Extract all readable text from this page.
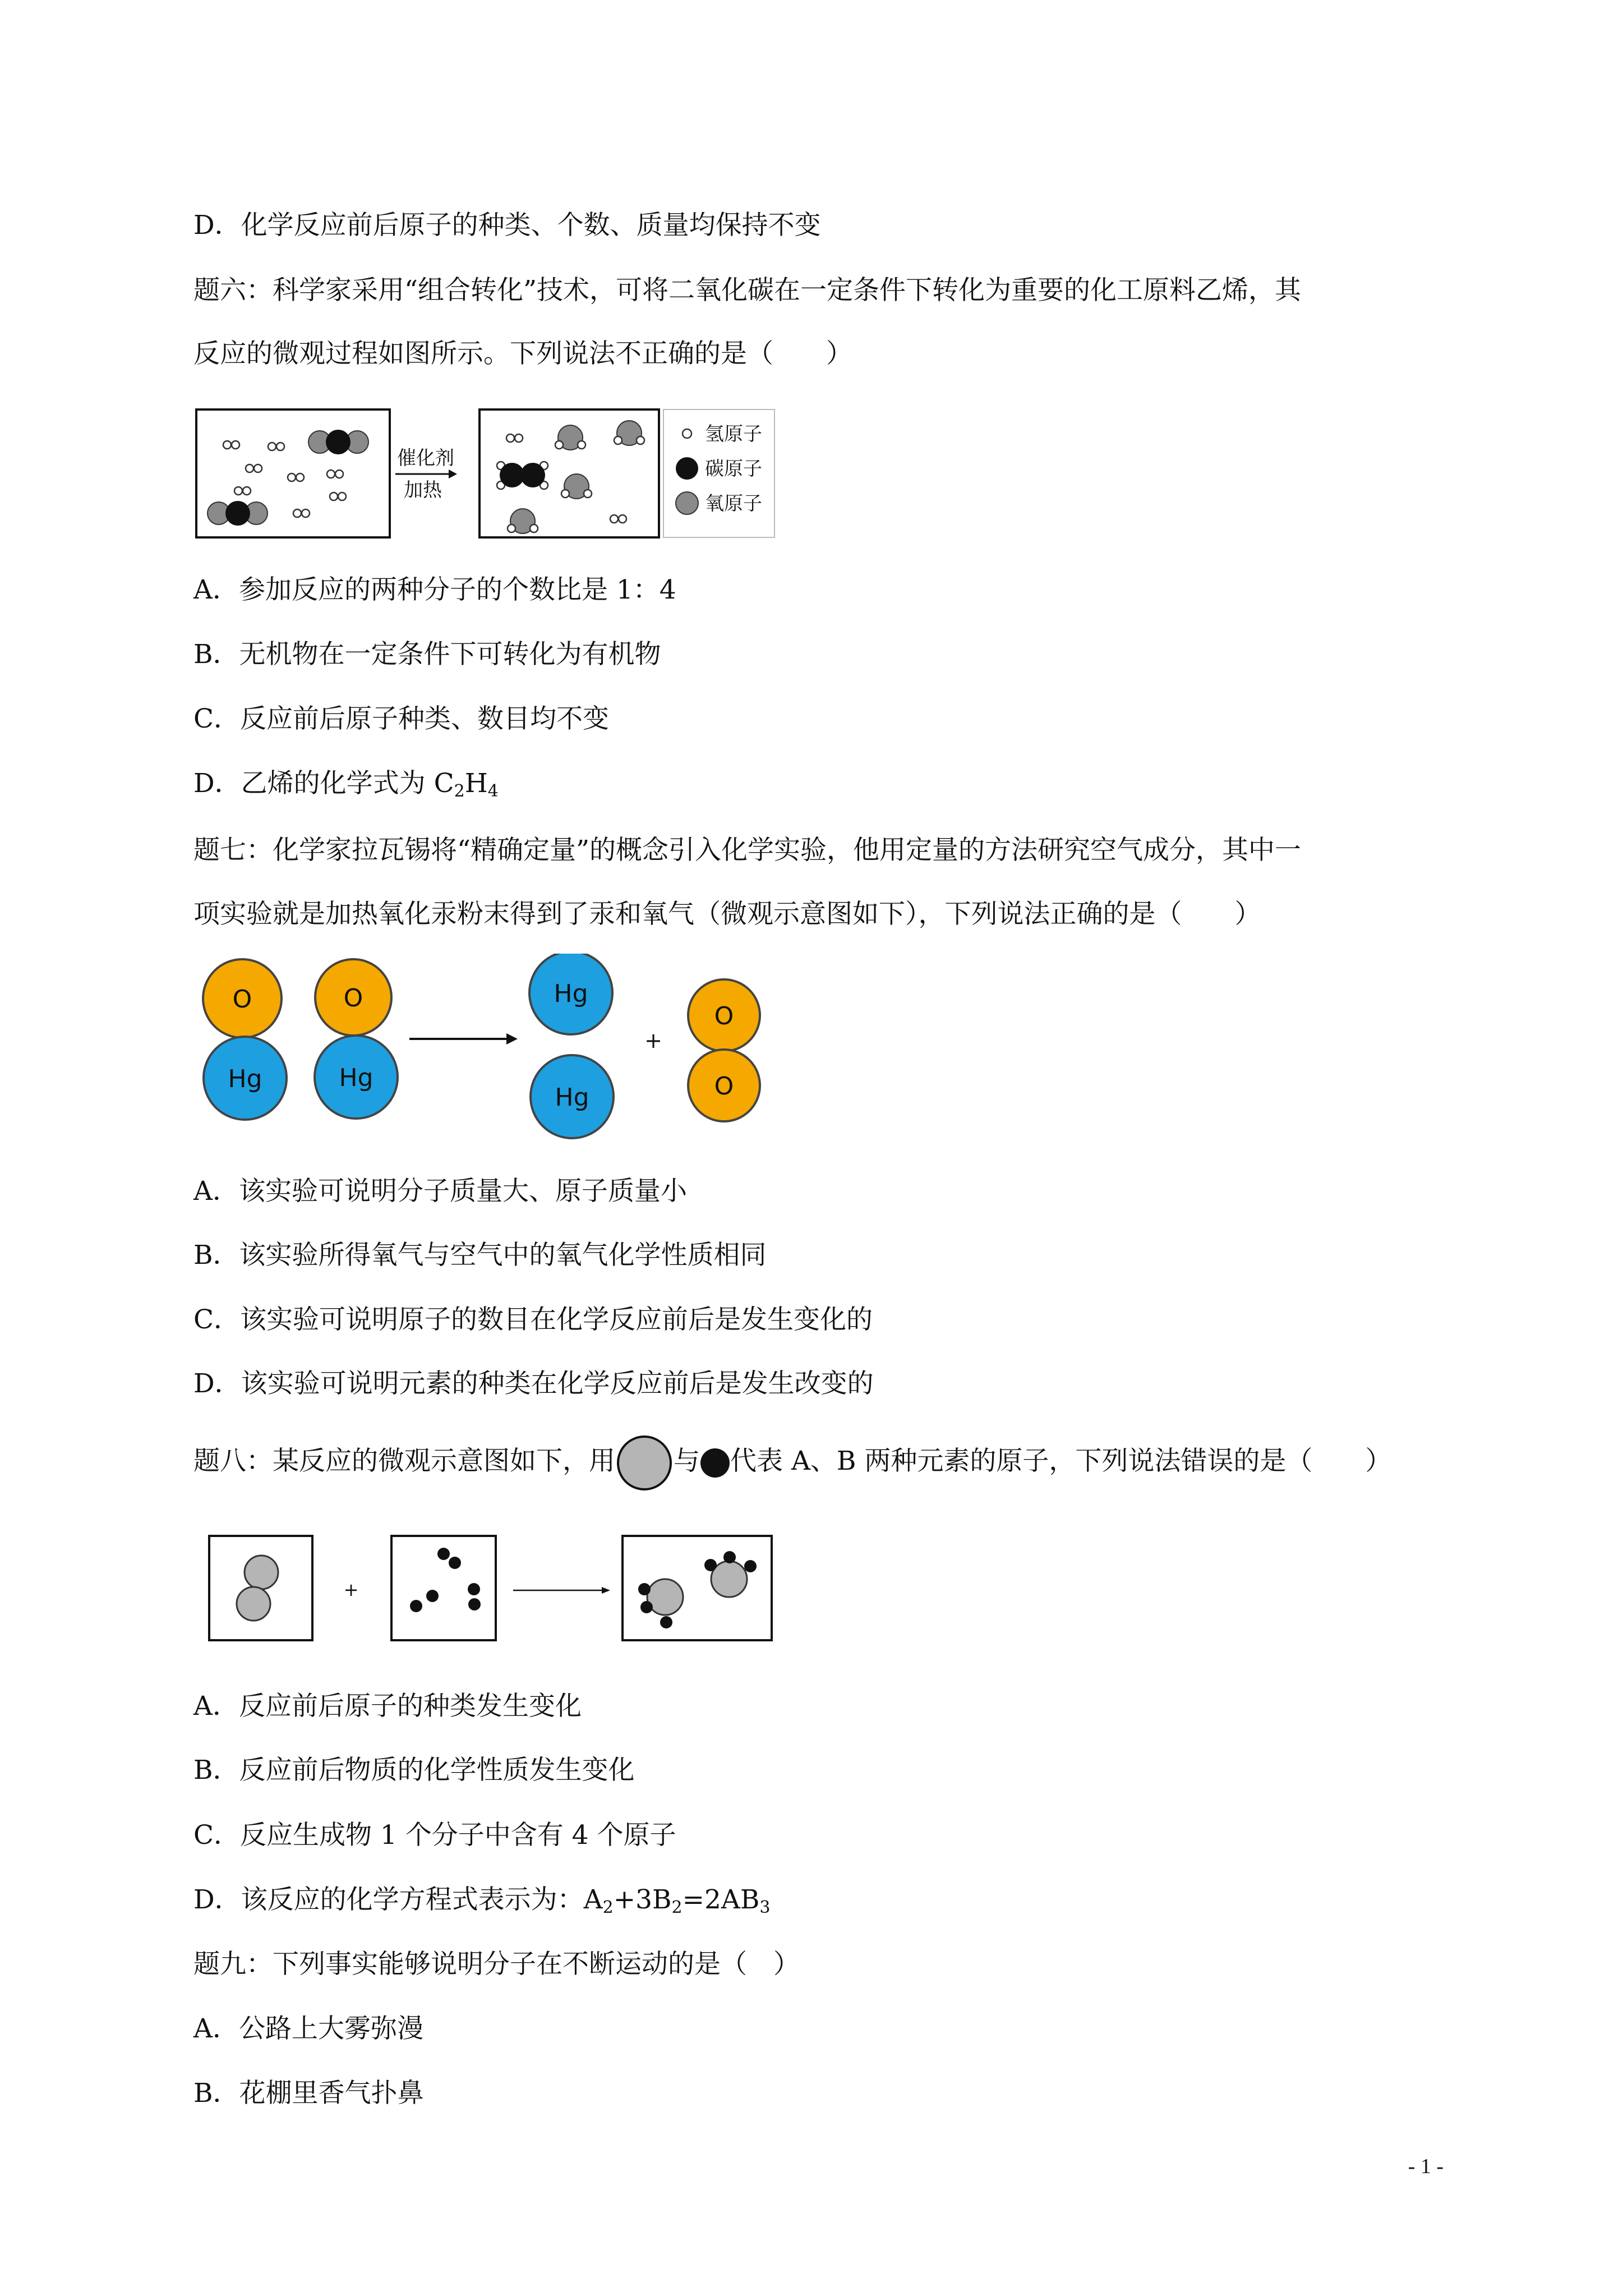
D．化学反应前后原子的种类、个数、质量均保持不变

题六：科学家采用“组合转化”技术，可将二氧化碳在一定条件下转化为重要的化工原料乙烯，其

反应的微观过程如图所示。下列说法不正确的是（　　）

催化剂
加热
氢原子
碳原子
氧原子

A．参加反应的两种分子的个数比是 1：4

B．无机物在一定条件下可转化为有机物

C．反应前后原子种类、数目均不变

D．乙烯的化学式为 $C_2H_4$

题七：化学家拉瓦锡将“精确定量”的概念引入化学实验，他用定量的方法研究空气成分，其中一

项实验就是加热氧化汞粉末得到了汞和氧气（微观示意图如下），下列说法正确的是（　　）

O
Hg
O
Hg
Hg
Hg
+
O
O

A．该实验可说明分子质量大、原子质量小

B．该实验所得氧气与空气中的氧气化学性质相同

C．该实验可说明原子的数目在化学反应前后是发生变化的

D．该实验可说明元素的种类在化学反应前后是发生改变的

题八：某反应的微观示意图如下，用 与 代表 A、B 两种元素的原子，下列说法错误的是（　　）

+

A．反应前后原子的种类发生变化

B．反应前后物质的化学性质发生变化

C．反应生成物 1 个分子中含有 4 个原子

D．该反应的化学方程式表示为：$A_2+3B_2=2AB_3$

题九：下列事实能够说明分子在不断运动的是（　）

A．公路上大雾弥漫

B．花棚里香气扑鼻

- 1 -
